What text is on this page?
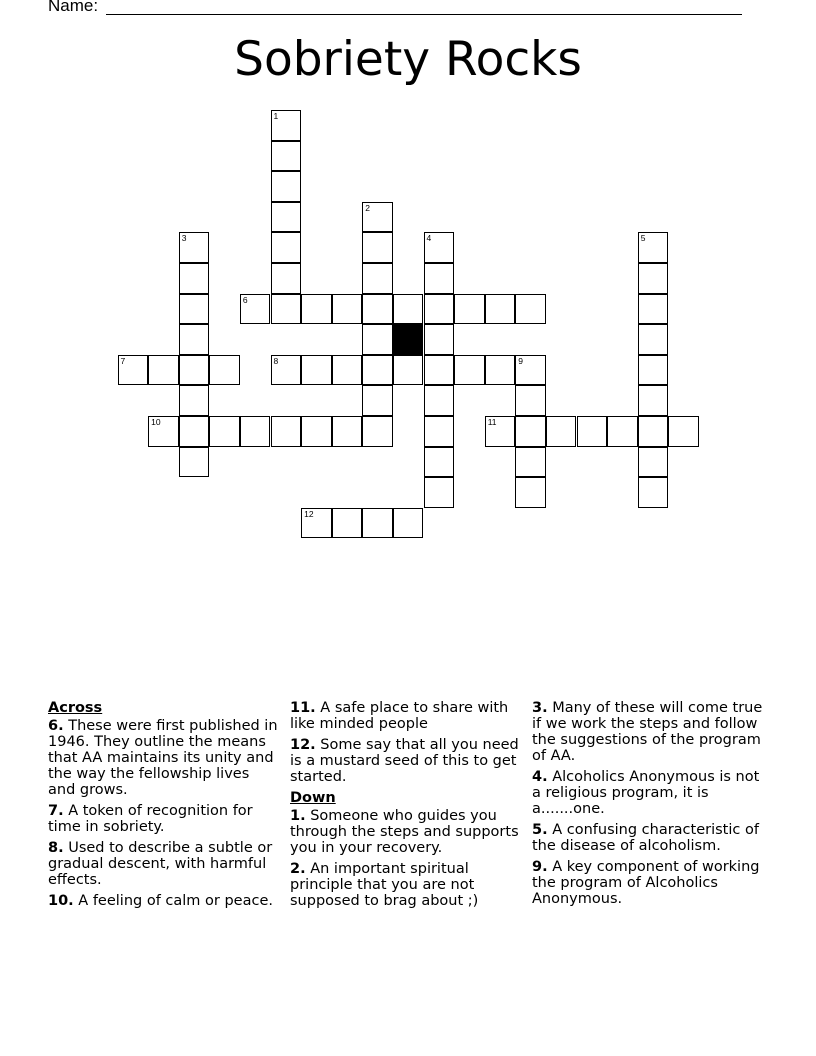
Name:
Sobriety Rocks
1
2
3	4	5
9
6
7	8
10	11
12
Across
6. These were first published in 1946. They outline the means that AA maintains its unity and the way the fellowship lives and grows.
7. A token of recognition for time in sobriety.
8. Used to describe a subtle or gradual descent, with harmful effects.
10. A feeling of calm or peace.
11. A safe place to share with like minded people
12. Some say that all you need is a mustard seed of this to get started.
Down
1. Someone who guides you through the steps and supports you in your recovery.
2. An important spiritual principle that you are not supposed to brag about ;)
3. Many of these will come true if we work the steps and follow the suggestions of the program of AA.
4. Alcoholics Anonymous is not a religious program, it is a.......one.
5. A confusing characteristic of the disease of alcoholism.
9. A key component of working the program of Alcoholics Anonymous.
